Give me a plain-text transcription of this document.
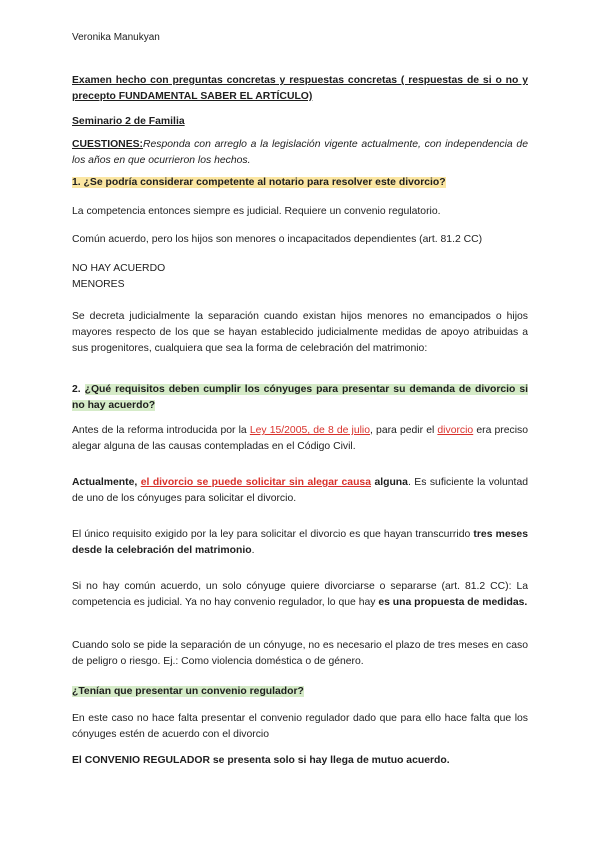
Veronika Manukyan

Examen hecho con preguntas concretas y respuestas concretas ( respuestas de si o no y precepto FUNDAMENTAL SABER EL ARTÍCULO)

Seminario 2 de Familia

CUESTIONES:Responda con arreglo a la legislación vigente actualmente, con independencia de los años en que ocurrieron los hechos.

1. ¿Se podría considerar competente al notario para resolver este divorcio?

La competencia entonces siempre es judicial. Requiere un convenio regulatorio.

Común acuerdo, pero los hijos son menores o incapacitados dependientes (art. 81.2 CC)

NO HAY ACUERDO

MENORES

Se decreta judicialmente la separación cuando existan hijos menores no emancipados o hijos mayores respecto de los que se hayan establecido judicialmente medidas de apoyo atribuidas a sus progenitores, cualquiera que sea la forma de celebración del matrimonio:

2. ¿Qué requisitos deben cumplir los cónyuges para presentar su demanda de divorcio si no hay acuerdo?

Antes de la reforma introducida por la Ley 15/2005, de 8 de julio, para pedir el divorcio era preciso alegar alguna de las causas contempladas en el Código Civil.

Actualmente, el divorcio se puede solicitar sin alegar causa alguna. Es suficiente la voluntad de uno de los cónyuges para solicitar el divorcio.

El único requisito exigido por la ley para solicitar el divorcio es que hayan transcurrido tres meses desde la celebración del matrimonio.

Si no hay común acuerdo, un solo cónyuge quiere divorciarse o separarse (art. 81.2 CC): La competencia es judicial. Ya no hay convenio regulador, lo que hay es una propuesta de medidas.

Cuando solo se pide la separación de un cónyuge, no es necesario el plazo de tres meses en caso de peligro o riesgo. Ej.: Como violencia doméstica o de género.

¿Tenían que presentar un convenio regulador?

En este caso no hace falta presentar el convenio regulador dado que para ello hace falta que los cónyuges estén de acuerdo con el divorcio

El CONVENIO REGULADOR se presenta solo si hay llega de mutuo acuerdo.
